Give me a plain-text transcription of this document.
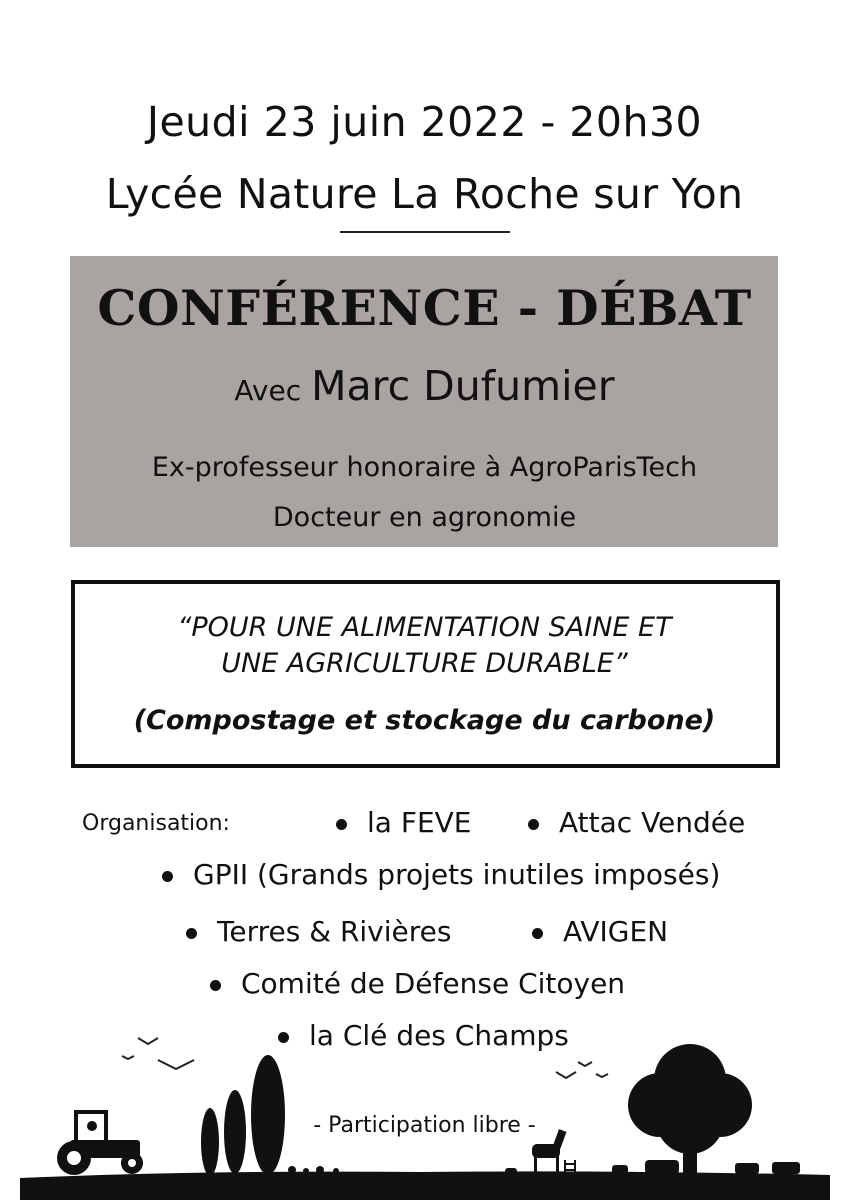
Jeudi 23 juin 2022 - 20h30
Lycée Nature La Roche sur Yon
CONFÉRENCE - DÉBAT
Avec Marc Dufumier
Ex-professeur honoraire à AgroParisTech
Docteur en agronomie
“POUR UNE ALIMENTATION SAINE ET
UNE AGRICULTURE DURABLE”
(Compostage et stockage du carbone)
Organisation:	la FEVE	Attac Vendée
GPII (Grands projets inutiles imposés)
Terres & Rivières	AVIGEN
Comité de Défense Citoyen
la Clé des Champs
- Participation libre -
